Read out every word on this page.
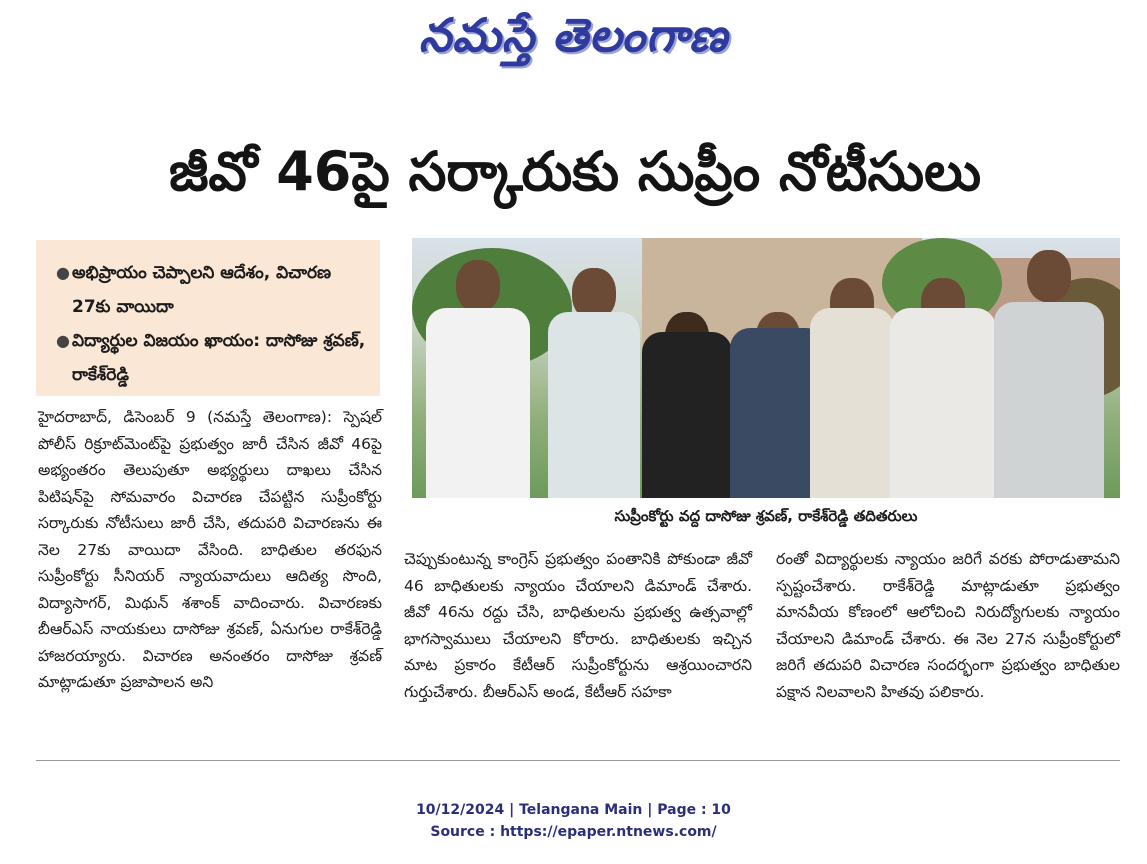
నమస్తే తెలంగాణ
జీవో 46పై సర్కారుకు సుప్రీం నోటీసులు
● అభిప్రాయం చెప్పాలని ఆదేశం, విచారణ 27కు వాయిదా
● విద్యార్థుల విజయం ఖాయం: దాసోజు శ్రవణ్, రాకేశ్‌రెడ్డి
సుప్రీంకోర్టు వద్ద దాసోజు శ్రవణ్, రాకేశ్‌రెడ్డి తదితరులు
హైదరాబాద్, డిసెంబర్ 9 (నమస్తే తెలంగాణ): స్పెషల్ పోలీస్ రిక్రూట్‌మెంట్‌పై ప్రభుత్వం జారీ చేసిన జీవో 46పై అభ్యంతరం తెలుపుతూ అభ్యర్థులు దాఖలు చేసిన పిటిషన్‌పై సోమవారం విచారణ చేపట్టిన సుప్రీంకోర్టు సర్కారుకు నోటీసులు జారీ చేసి, తదుపరి విచారణను ఈ నెల 27కు వాయిదా వేసింది. బాధితుల తరఫున సుప్రీంకోర్టు సీనియర్ న్యాయవాదులు ఆదిత్య సొంది, విద్యాసాగర్, మిథున్ శశాంక్ వాదించారు. విచారణకు బీఆర్‌ఎస్ నాయకులు దాసోజు శ్రవణ్, ఏనుగుల రాకేశ్‌రెడ్డి హాజరయ్యారు. విచారణ అనంతరం దాసోజు శ్రవణ్ మాట్లాడుతూ ప్రజాపాలన అని
చెప్పుకుంటున్న కాంగ్రెస్ ప్రభుత్వం పంతానికి పోకుండా జీవో 46 బాధితులకు న్యాయం చేయాలని డిమాండ్ చేశారు. జీవో 46ను రద్దు చేసి, బాధితులను ప్రభుత్వ ఉత్సవాల్లో భాగస్వాములు చేయాలని కోరారు. బాధితులకు ఇచ్చిన మాట ప్రకారం కేటీఆర్ సుప్రీంకోర్టును ఆశ్రయించారని గుర్తుచేశారు. బీఆర్‌ఎస్ అండ, కేటీఆర్ సహకా
రంతో విద్యార్థులకు న్యాయం జరిగే వరకు పోరాడుతామని స్పష్టంచేశారు. రాకేశ్‌రెడ్డి మాట్లాడుతూ ప్రభుత్వం మానవీయ కోణంలో ఆలోచించి నిరుద్యోగులకు న్యాయం చేయాలని డిమాండ్ చేశారు. ఈ నెల 27న సుప్రీంకోర్టులో జరిగే తదుపరి విచారణ సందర్భంగా ప్రభుత్వం బాధితుల పక్షాన నిలవాలని హితవు పలికారు.
10/12/2024 | Telangana Main | Page : 10
Source : https://epaper.ntnews.com/
